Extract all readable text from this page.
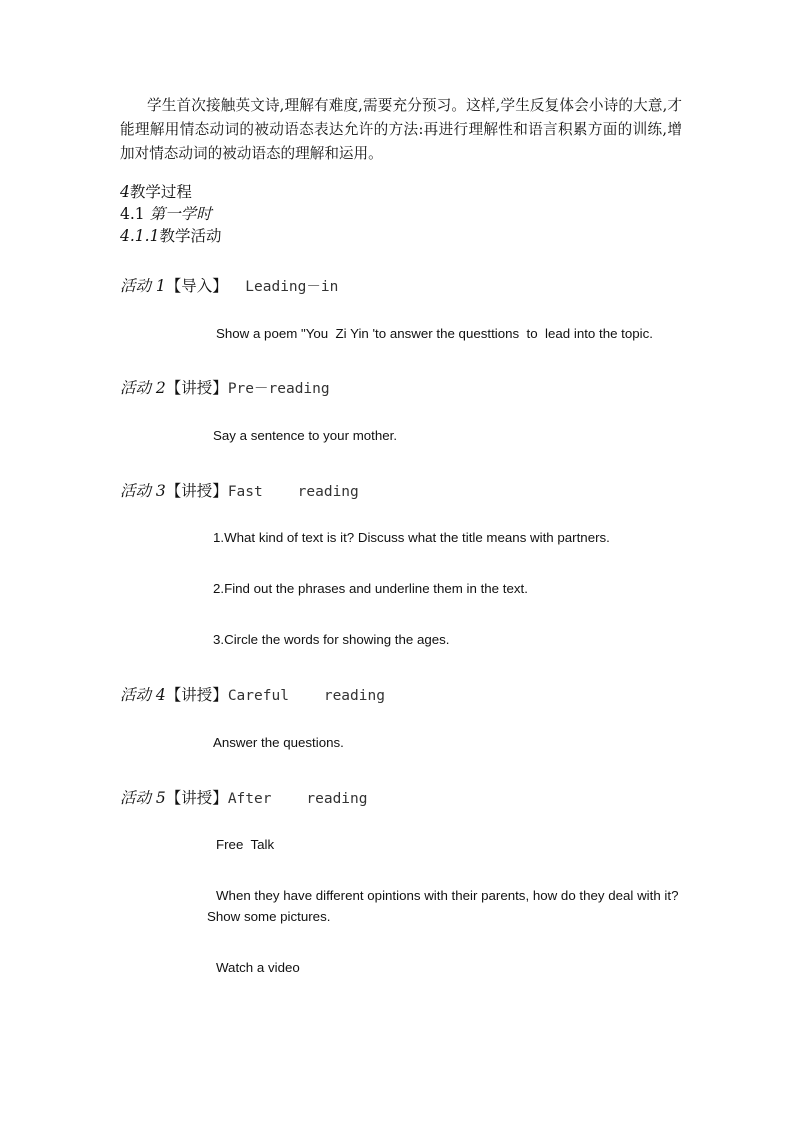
学生首次接触英文诗,理解有难度,需要充分预习。这样,学生反复体会小诗的大意,才能理解用情态动词的被动语态表达允许的方法:再进行理解性和语言积累方面的训练,增加对情态动词的被动语态的理解和运用。

4教学过程
4.1 第一学时
4.1.1教学活动
活动 1【导入】  Leading－in

Show a poem "You  Zi Yin 'to answer the questtions  to  lead into the topic.

活动 2【讲授】Pre－reading

Say a sentence to your mother.

活动 3【讲授】Fast    reading

1.What kind of text is it? Discuss what the title means with partners.

2.Find out the phrases and underline them in the text.

3.Circle the words for showing the ages.

活动 4【讲授】Careful    reading

Answer the questions.

活动 5【讲授】After    reading

Free  Talk

When they have different opintions with their parents, how do they deal with it?

Show some pictures.

Watch a video
